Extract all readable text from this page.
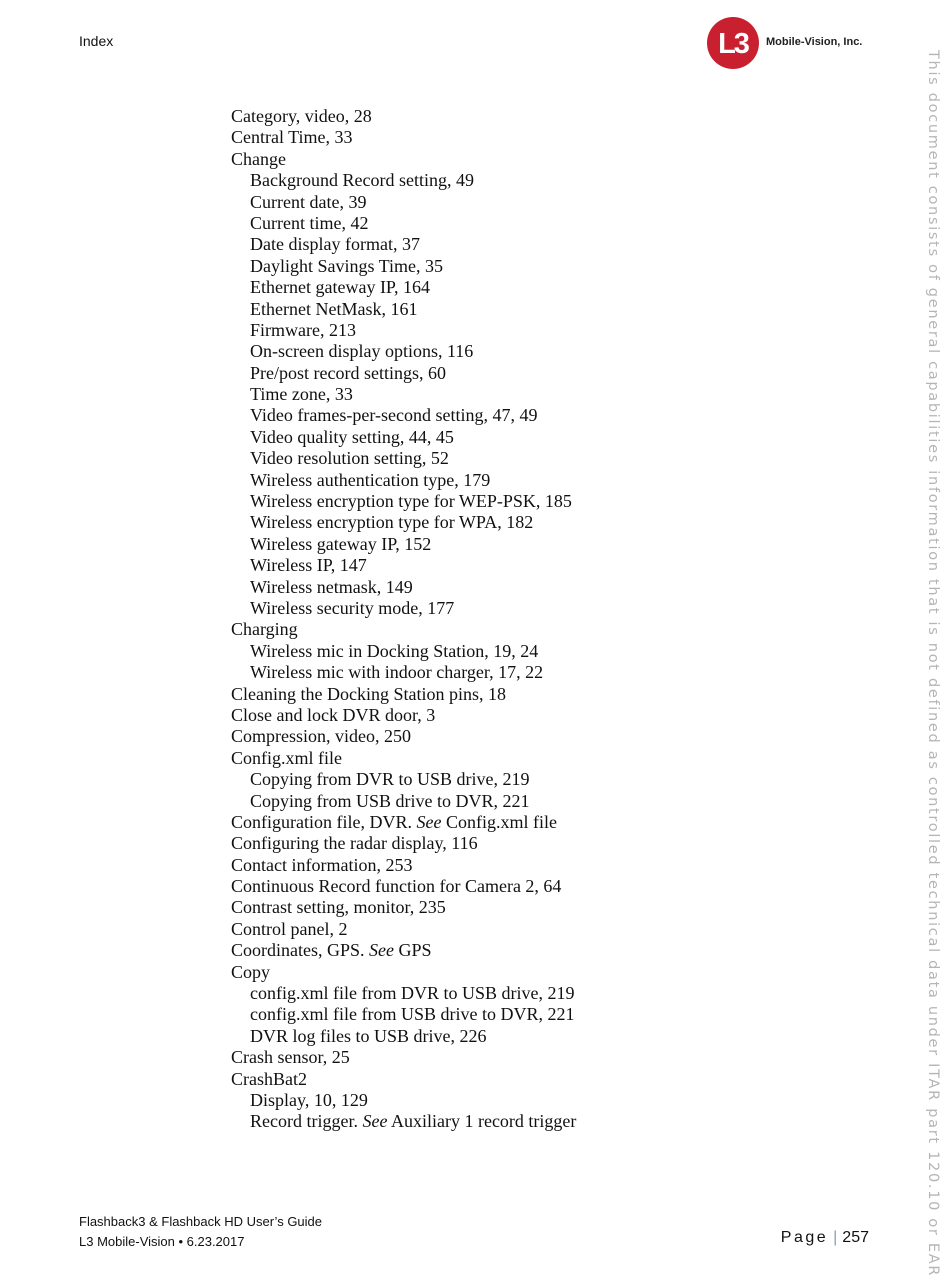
Index	L3 Mobile-Vision, Inc.
This document consists of general capabilities information that is not defined as controlled technical data under ITAR part 120.10 or EAR
Category, video, 28
Central Time, 33
Change
Background Record setting, 49
Current date, 39
Current time, 42
Date display format, 37
Daylight Savings Time, 35
Ethernet gateway IP, 164
Ethernet NetMask, 161
Firmware, 213
On-screen display options, 116
Pre/post record settings, 60
Time zone, 33
Video frames-per-second setting, 47, 49
Video quality setting, 44, 45
Video resolution setting, 52
Wireless authentication type, 179
Wireless encryption type for WEP-PSK, 185
Wireless encryption type for WPA, 182
Wireless gateway IP, 152
Wireless IP, 147
Wireless netmask, 149
Wireless security mode, 177
Charging
Wireless mic in Docking Station, 19, 24
Wireless mic with indoor charger, 17, 22
Cleaning the Docking Station pins, 18
Close and lock DVR door, 3
Compression, video, 250
Config.xml file
Copying from DVR to USB drive, 219
Copying from USB drive to DVR, 221
Configuration file, DVR. See Config.xml file
Configuring the radar display, 116
Contact information, 253
Continuous Record function for Camera 2, 64
Contrast setting, monitor, 235
Control panel, 2
Coordinates, GPS. See GPS
Copy
config.xml file from DVR to USB drive, 219
config.xml file from USB drive to DVR, 221
DVR log files to USB drive, 226
Crash sensor, 25
CrashBat2
Display, 10, 129
Record trigger. See Auxiliary 1 record trigger
Flashback3 & Flashback HD User’s Guide
L3 Mobile-Vision • 6.23.2017	Page | 257
